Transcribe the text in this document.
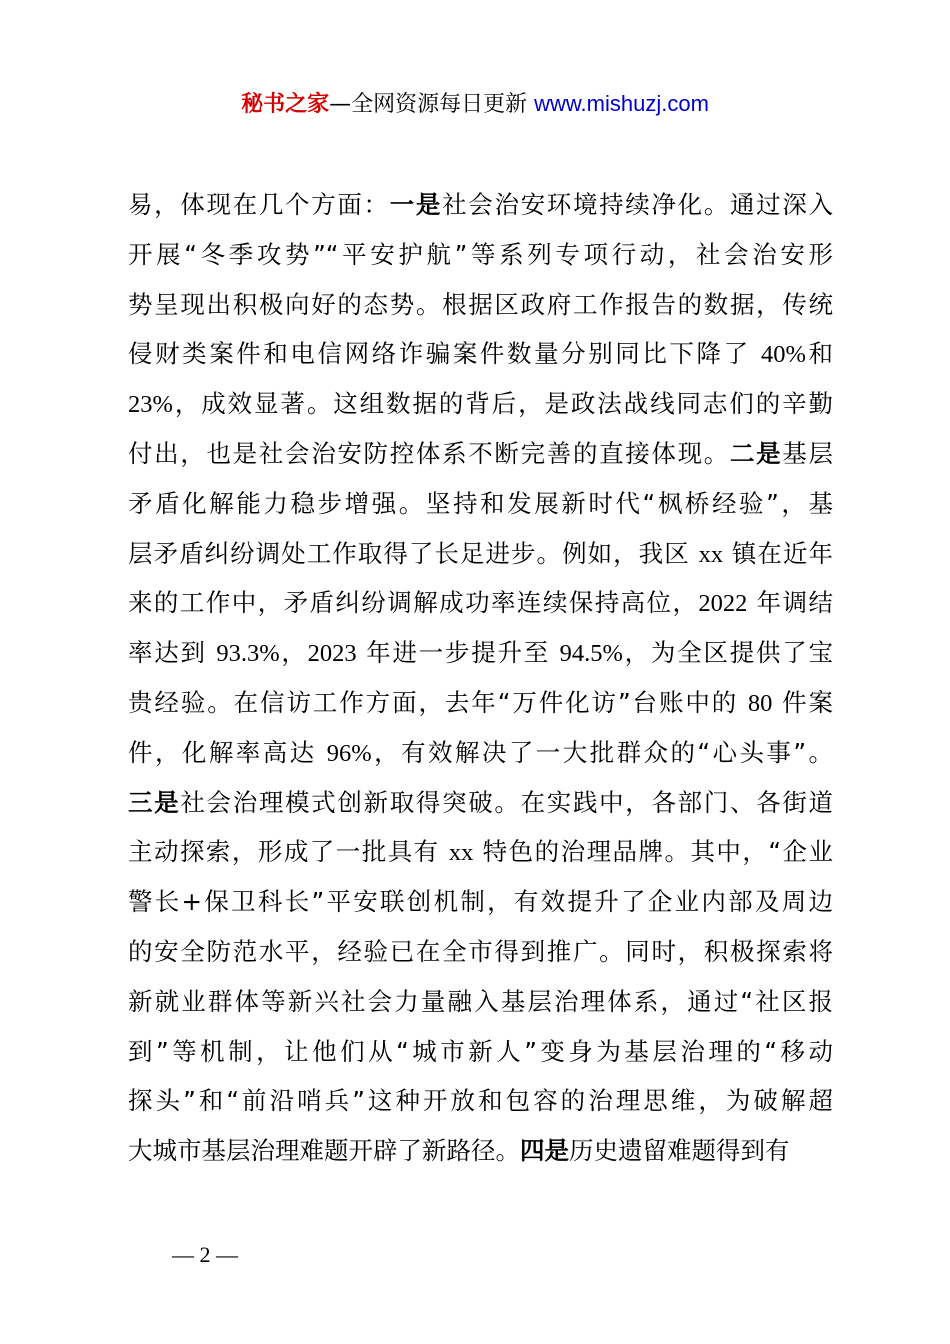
秘书之家—全网资源每日更新 www.mishuzj.com
易，体现在几个方面：一是社会治安环境持续净化。通过深入
开展“冬季攻势”“平安护航”等系列专项行动，社会治安形
势呈现出积极向好的态势。根据区政府工作报告的数据，传统
侵财类案件和电信网络诈骗案件数量分别同比下降了 40%和
23%，成效显著。这组数据的背后，是政法战线同志们的辛勤
付出，也是社会治安防控体系不断完善的直接体现。二是基层
矛盾化解能力稳步增强。坚持和发展新时代“枫桥经验”，基
层矛盾纠纷调处工作取得了长足进步。例如，我区 xx 镇在近年
来的工作中，矛盾纠纷调解成功率连续保持高位，2022 年调结
率达到 93.3%，2023 年进一步提升至 94.5%，为全区提供了宝
贵经验。在信访工作方面，去年“万件化访”台账中的 80 件案
件，化解率高达 96%，有效解决了一大批群众的“心头事”。
三是社会治理模式创新取得突破。在实践中，各部门、各街道
主动探索，形成了一批具有 xx 特色的治理品牌。其中，“企业
警长+保卫科长”平安联创机制，有效提升了企业内部及周边
的安全防范水平，经验已在全市得到推广。同时，积极探索将
新就业群体等新兴社会力量融入基层治理体系，通过“社区报
到”等机制，让他们从“城市新人”变身为基层治理的“移动
探头”和“前沿哨兵”这种开放和包容的治理思维，为破解超
大城市基层治理难题开辟了新路径。四是历史遗留难题得到有
— 2 —
